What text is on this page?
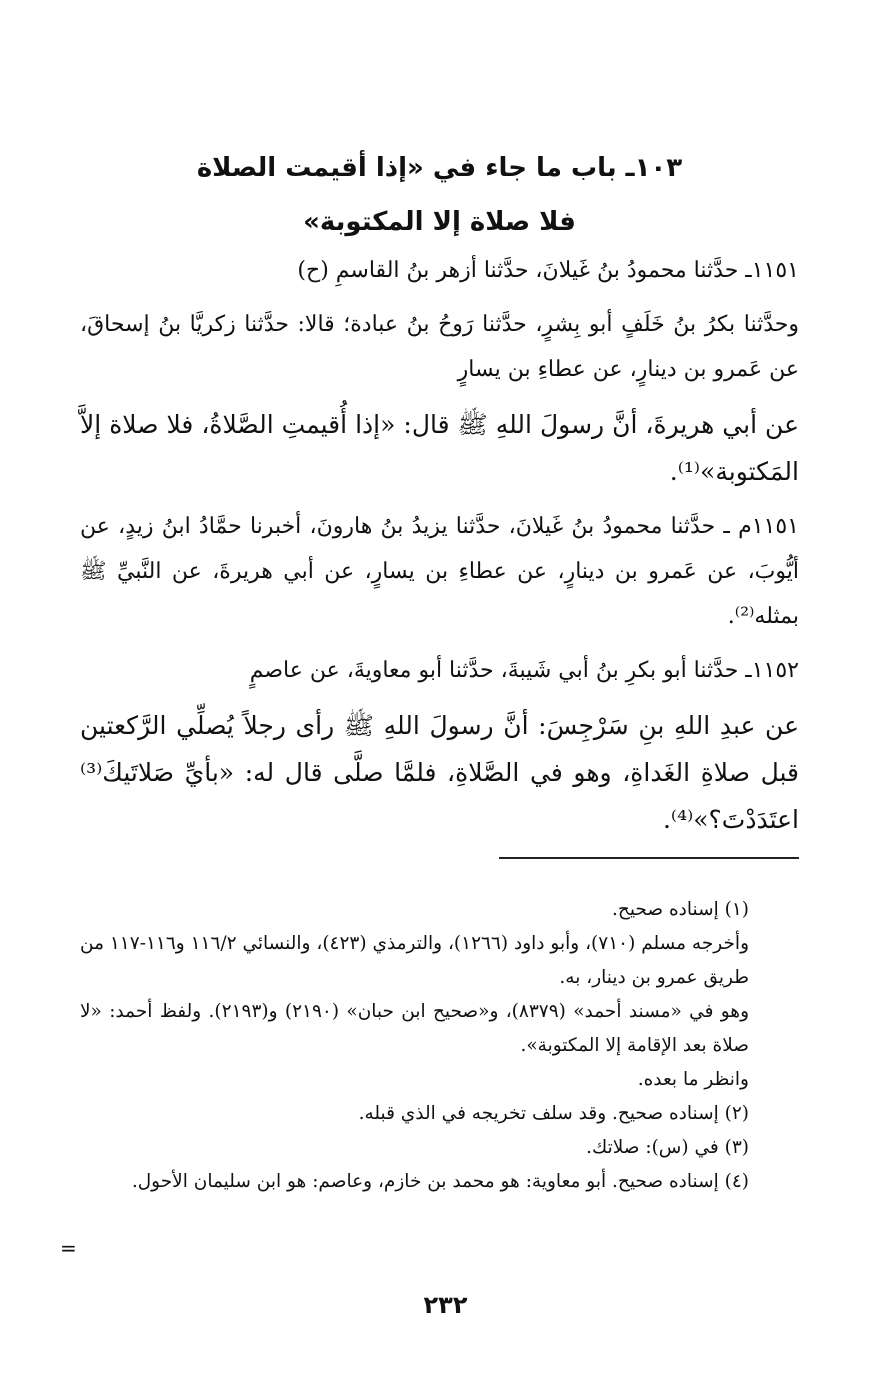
١٠٣ـ باب ما جاء في «إذا أقيمت الصلاة
فلا صلاة إلا المكتوبة»

١١٥١ـ حدَّثنا محمودُ بنُ غَيلانَ، حدَّثنا أزهر بنُ القاسمِ (ح)

وحدَّثنا بكرُ بنُ خَلَفٍ أبو بِشرٍ، حدَّثنا رَوحُ بنُ عبادة؛ قالا: حدَّثنا زكريَّا بنُ إسحاقَ، عن عَمرو بن دينارٍ، عن عطاءِ بن يسارٍ

عن أبي هريرةَ، أنَّ رسولَ اللهِ ﷺ قال: «إذا أُقيمتِ الصَّلاةُ، فلا صلاة إلاَّ المَكتوبة»⁽¹⁾.

١١٥١م ـ حدَّثنا محمودُ بنُ غَيلانَ، حدَّثنا يزيدُ بنُ هارونَ، أخبرنا حمَّادُ ابنُ زيدٍ، عن أيُّوبَ، عن عَمرو بن دينارٍ، عن عطاءِ بن يسارٍ، عن أبي هريرةَ، عن النَّبيِّ ﷺ بمثله⁽²⁾.

١١٥٢ـ حدَّثنا أبو بكرِ بنُ أبي شَيبةَ، حدَّثنا أبو معاويةَ، عن عاصمٍ

عن عبدِ اللهِ بنِ سَرْجِسَ: أنَّ رسولَ اللهِ ﷺ رأى رجلاً يُصلِّي الرَّكعتين قبل صلاةِ الغَداةِ، وهو في الصَّلاةِ، فلمَّا صلَّى قال له: «بأيِّ صَلاتَيكَ⁽³⁾ اعتَدَدْتَ؟»⁽⁴⁾.

(١) إسناده صحيح.

وأخرجه مسلم (٧١٠)، وأبو داود (١٢٦٦)، والترمذي (٤٢٣)، والنسائي ١١٦/٢ و١١٦-١١٧ من طريق عمرو بن دينار، به.

وهو في «مسند أحمد» (٨٣٧٩)، و«صحيح ابن حبان» (٢١٩٠) و(٢١٩٣). ولفظ أحمد: «لا صلاة بعد الإقامة إلا المكتوبة».

وانظر ما بعده.

(٢) إسناده صحيح. وقد سلف تخريجه في الذي قبله.

(٣) في (س): صلاتك.

(٤) إسناده صحيح. أبو معاوية: هو محمد بن خازم، وعاصم: هو ابن سليمان الأحول.

=
٢٣٢
